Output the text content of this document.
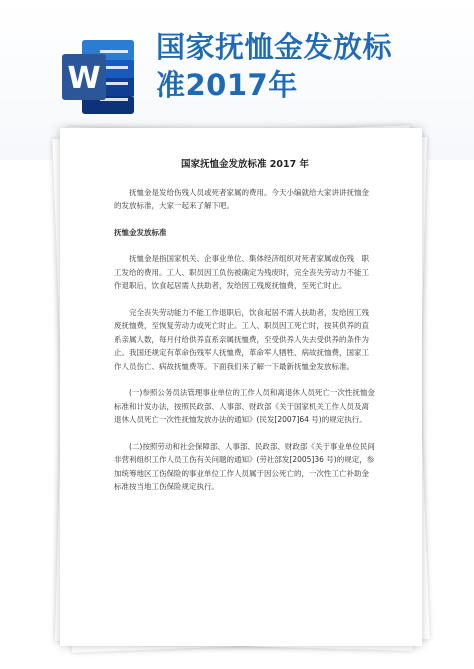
W
国家抚恤金发放标
准2017年
国家抚恤金发放标准 2017 年

抚恤金是发给伤残人员或死者家属的费用。今天小编就给大家讲讲抚恤金的发放标准，大家一起来了解下吧。

抚恤金发放标准

抚恤金是指国家机关、企事业单位、集体经济组织对死者家属或伤残　职工发给的费用。工人、职员因工负伤被确定为残废时，完全丧失劳动力不能工作退职后，饮食起居需人扶助者，发给因工残废抚恤费，至死亡时止。

完全丧失劳动能力不能工作退职后，饮食起居不需人扶助者，发给因工残废抚恤费，至恢复劳动力或死亡时止。工人、职员因工死亡时，按其供养的直系亲属人数，每月付给供养直系亲属抚恤费，至受供养人失去受供养的条件为止。我国还规定有革命伤残军人抚恤费，革命军人牺牲、病故抚恤费，国家工作人员伤亡、病故抚恤费等。下面我们来了解一下最新抚恤金发放标准。

(一)参照公务员法管理事业单位的工作人员和离退休人员死亡一次性抚恤金标准和计发办法，按照民政部、人事部、财政部《关于国家机关工作人员及离退休人员死亡一次性抚恤发放办法的通知》(民发[2007]64 号)的规定执行。

(二)按照劳动和社会保障部、人事部、民政部、财政部《关于事业单位民间非营利组织工作人员工伤有关问题的通知》(劳社部发[2005]36 号)的规定，参加统筹地区工伤保险的事业单位工作人员属于因公死亡的，一次性工亡补助金标准按当地工伤保险规定执行。
